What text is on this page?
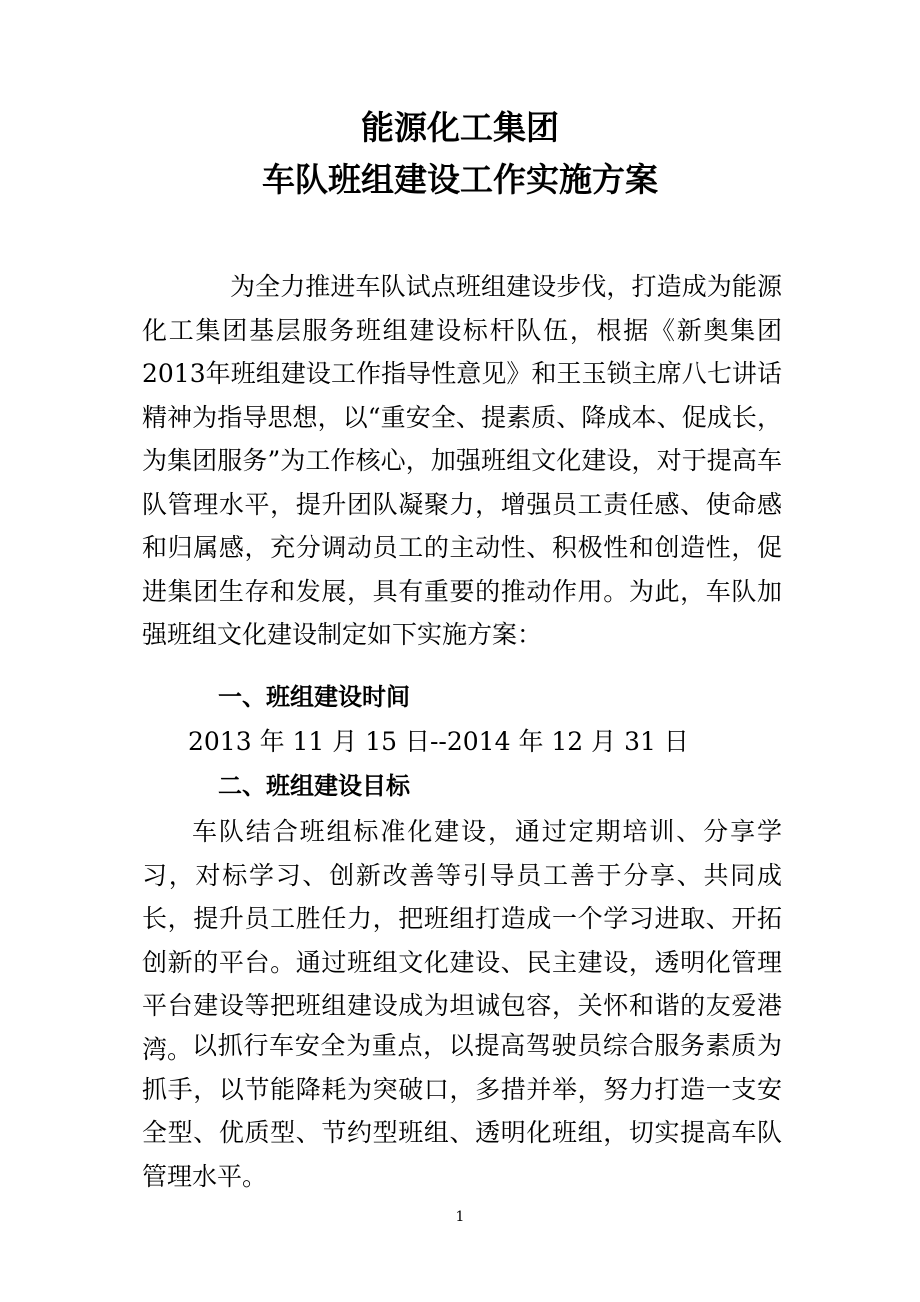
能源化工集团
车队班组建设工作实施方案

为全力推进车队试点班组建设步伐，打造成为能源化工集团基层服务班组建设标杆队伍，根据《新奥集团2013年班组建设工作指导性意见》和王玉锁主席八七讲话精神为指导思想，以“重安全、提素质、降成本、促成长，为集团服务”为工作核心，加强班组文化建设，对于提高车队管理水平，提升团队凝聚力，增强员工责任感、使命感和归属感，充分调动员工的主动性、积极性和创造性，促进集团生存和发展，具有重要的推动作用。为此，车队加强班组文化建设制定如下实施方案：

一、班组建设时间
2013 年 11 月 15 日--2014 年 12 月 31 日
二、班组建设目标

车队结合班组标准化建设，通过定期培训、分享学习，对标学习、创新改善等引导员工善于分享、共同成长，提升员工胜任力，把班组打造成一个学习进取、开拓创新的平台。通过班组文化建设、民主建设，透明化管理平台建设等把班组建设成为坦诚包容，关怀和谐的友爱港湾。 以抓行车安全为重点，以提高驾驶员综合服务素质为抓手，以节能降耗为突破口，多措并举，努力打造一支安全型、优质型、节约型班组、透明化班组，切实提高车队管理水平。

1
